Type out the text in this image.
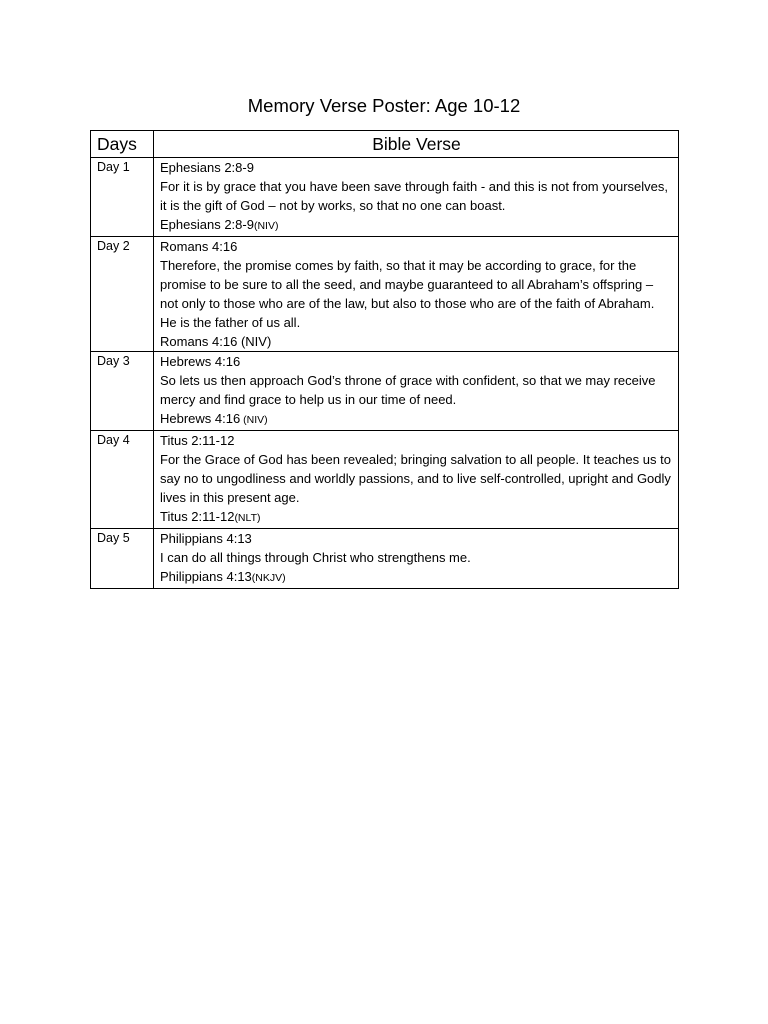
Memory Verse Poster: Age 10-12
Days	Bible Verse
Day 1	Ephesians 2:8-9
For it is by grace that you have been save through faith - and this is not from yourselves, it is the gift of God – not by works, so that no one can boast.
Ephesians 2:8-9(NIV)

Day 2	Romans 4:16
Therefore, the promise comes by faith, so that it may be according to grace, for the promise to be sure to all the seed, and maybe guaranteed to all Abraham’s offspring – not only to those who are of the law, but also to those who are of the faith of Abraham. He is the father of us all.
Romans 4:16 (NIV)

Day 3	Hebrews 4:16
So lets us then approach God’s throne of grace with confident, so that we may receive mercy and find grace to help us in our time of need.
Hebrews 4:16 (NIV)

Day 4	Titus 2:11-12
For the Grace of God has been revealed; bringing salvation to all people. It teaches us to say no to ungodliness and worldly passions, and to live self-controlled, upright and Godly lives in this present age.
Titus 2:11-12(NLT)

Day 5	Philippians 4:13
I can do all things through Christ who strengthens me.
Philippians 4:13(NKJV)
